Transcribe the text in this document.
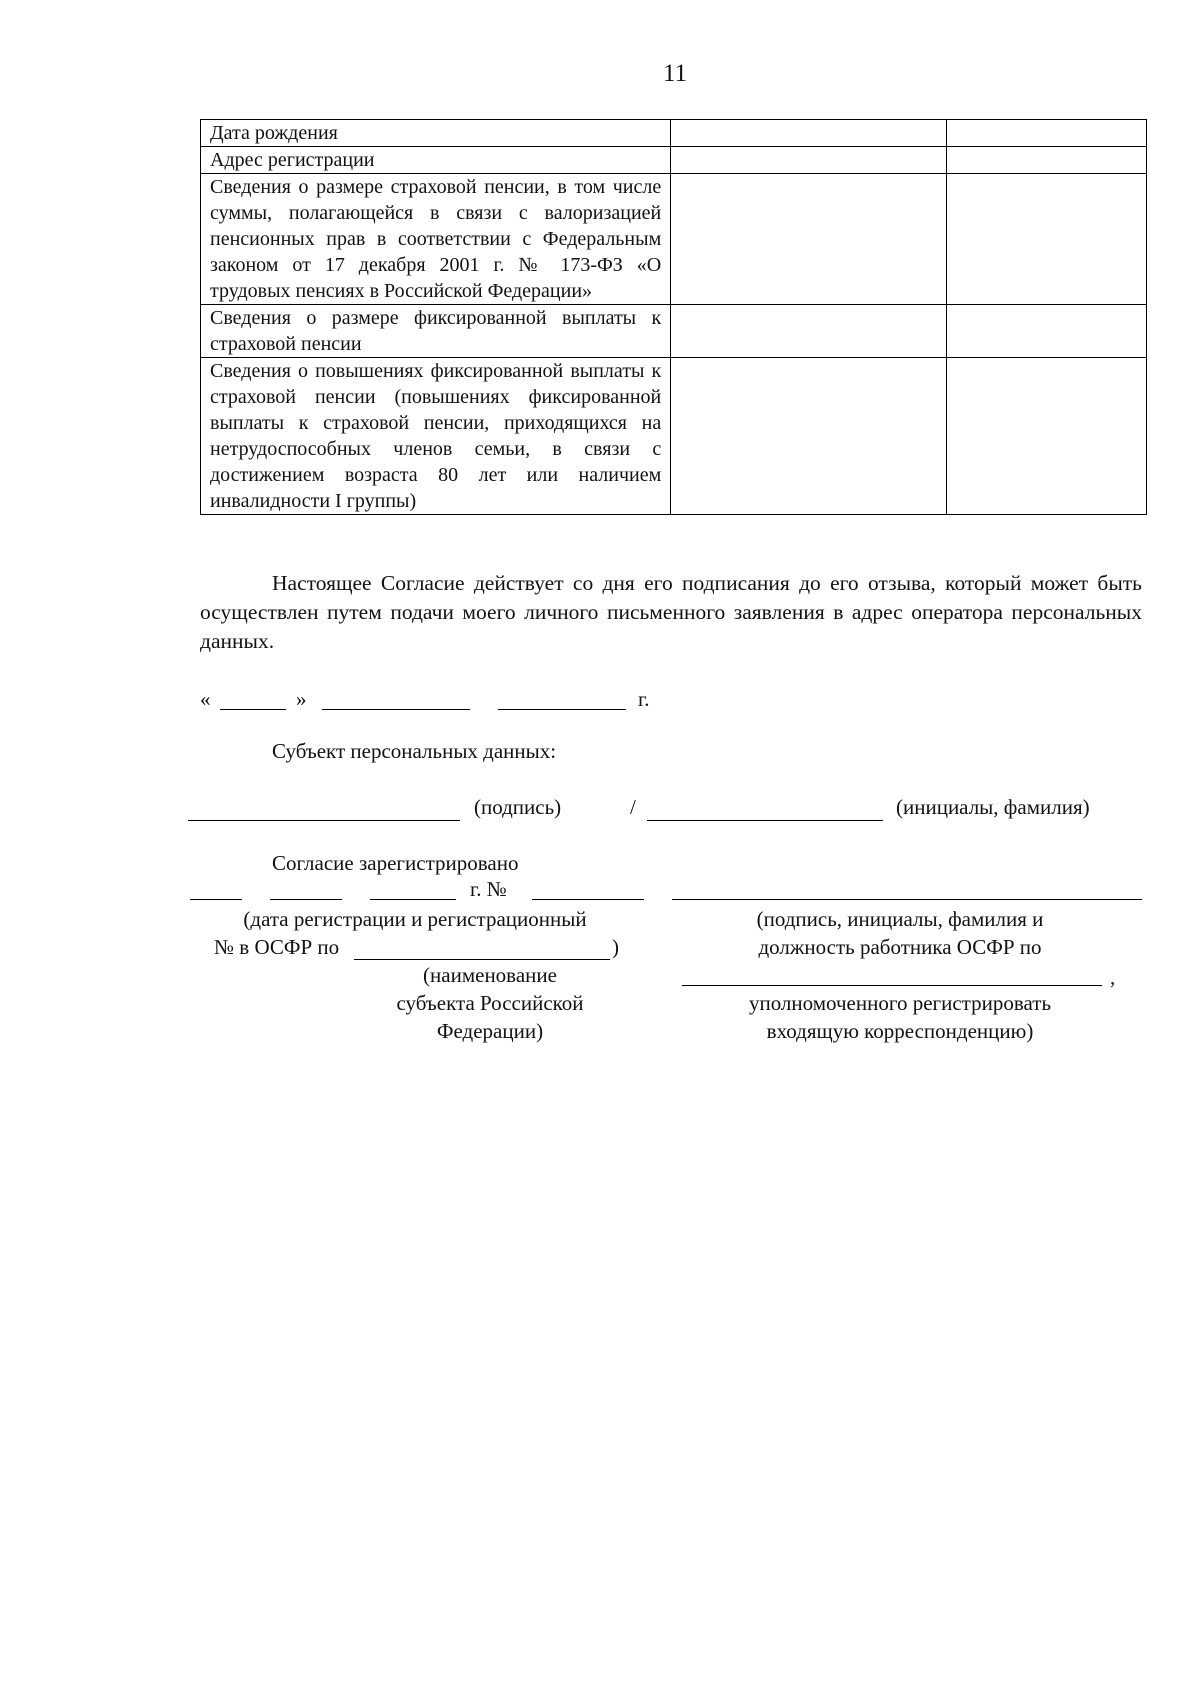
11
Дата рождения		
Адрес регистрации		
Сведения о размере страховой пенсии, в том числе суммы, полагающейся в связи с валоризацией пенсионных прав в соответствии с Федеральным законом от 17 декабря 2001 г. № 173-ФЗ «О трудовых пенсиях в Российской Федерации»		
Сведения о размере фиксированной выплаты к страховой пенсии		
Сведения о повышениях фиксированной выплаты к страховой пенсии (повышениях фиксированной выплаты к страховой пенсии, приходящихся на нетрудоспособных членов семьи, в связи с достижением возраста 80 лет или наличием инвалидности I группы)		
Настоящее Согласие действует со дня его подписания до его отзыва, который может быть осуществлен путем подачи моего личного письменного заявления в адрес оператора персональных данных.
«	»	г.
Субъект персональных данных:
(подпись)	/	(инициалы, фамилия)
Согласие зарегистрировано
г. №
(дата регистрации и регистрационный
№ в ОСФР по	)
(наименование
субъекта Российской
Федерации)
(подпись, инициалы, фамилия и
должность работника ОСФР по
,
уполномоченного регистрировать
входящую корреспонденцию)
